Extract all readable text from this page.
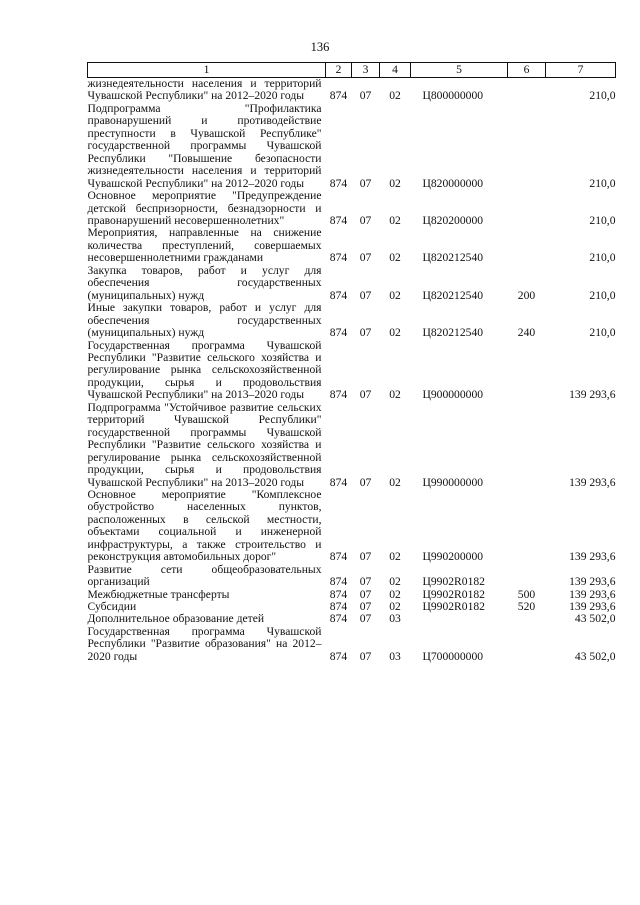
136
1	2	3	4	5	6	7
жизнедеятельности населения и территорий Чувашской Республики" на 2012–2020 годы	874	07	02	Ц800000000		210,0
Подпрограмма "Профилактика правонарушений и противодействие преступности в Чувашской Республике" государственной программы Чувашской Республики "Повышение безопасности жизнедеятельности населения и территорий Чувашской Республики" на 2012–2020 годы	874	07	02	Ц820000000		210,0
Основное мероприятие "Предупреждение детской беспризорности, безнадзорности и правонарушений несовершеннолетних"	874	07	02	Ц820200000		210,0
Мероприятия, направленные на снижение количества преступлений, совершаемых несовершеннолетними гражданами	874	07	02	Ц820212540		210,0
Закупка товаров, работ и услуг для обеспечения государственных (муниципальных) нужд	874	07	02	Ц820212540	200	210,0
Иные закупки товаров, работ и услуг для обеспечения государственных (муниципальных) нужд	874	07	02	Ц820212540	240	210,0
Государственная программа Чувашской Республики "Развитие сельского хозяйства и регулирование рынка сельскохозяйственной продукции, сырья и продовольствия Чувашской Республики" на 2013–2020 годы	874	07	02	Ц900000000		139 293,6
Подпрограмма "Устойчивое развитие сельских территорий Чувашской Республики" государственной программы Чувашской Республики "Развитие сельского хозяйства и регулирование рынка сельскохозяйственной продукции, сырья и продовольствия Чувашской Республики" на 2013–2020 годы	874	07	02	Ц990000000		139 293,6
Основное мероприятие "Комплексное обустройство населенных пунктов, расположенных в сельской местности, объектами социальной и инженерной инфраструктуры, а также строительство и реконструкция автомобильных дорог"	874	07	02	Ц990200000		139 293,6
Развитие сети общеобразовательных организаций	874	07	02	Ц9902R0182		139 293,6
Межбюджетные трансферты	874	07	02	Ц9902R0182	500	139 293,6
Субсидии	874	07	02	Ц9902R0182	520	139 293,6
Дополнительное образование детей	874	07	03			43 502,0
Государственная программа Чувашской Республики "Развитие образования" на 2012–2020 годы	874	07	03	Ц700000000		43 502,0
